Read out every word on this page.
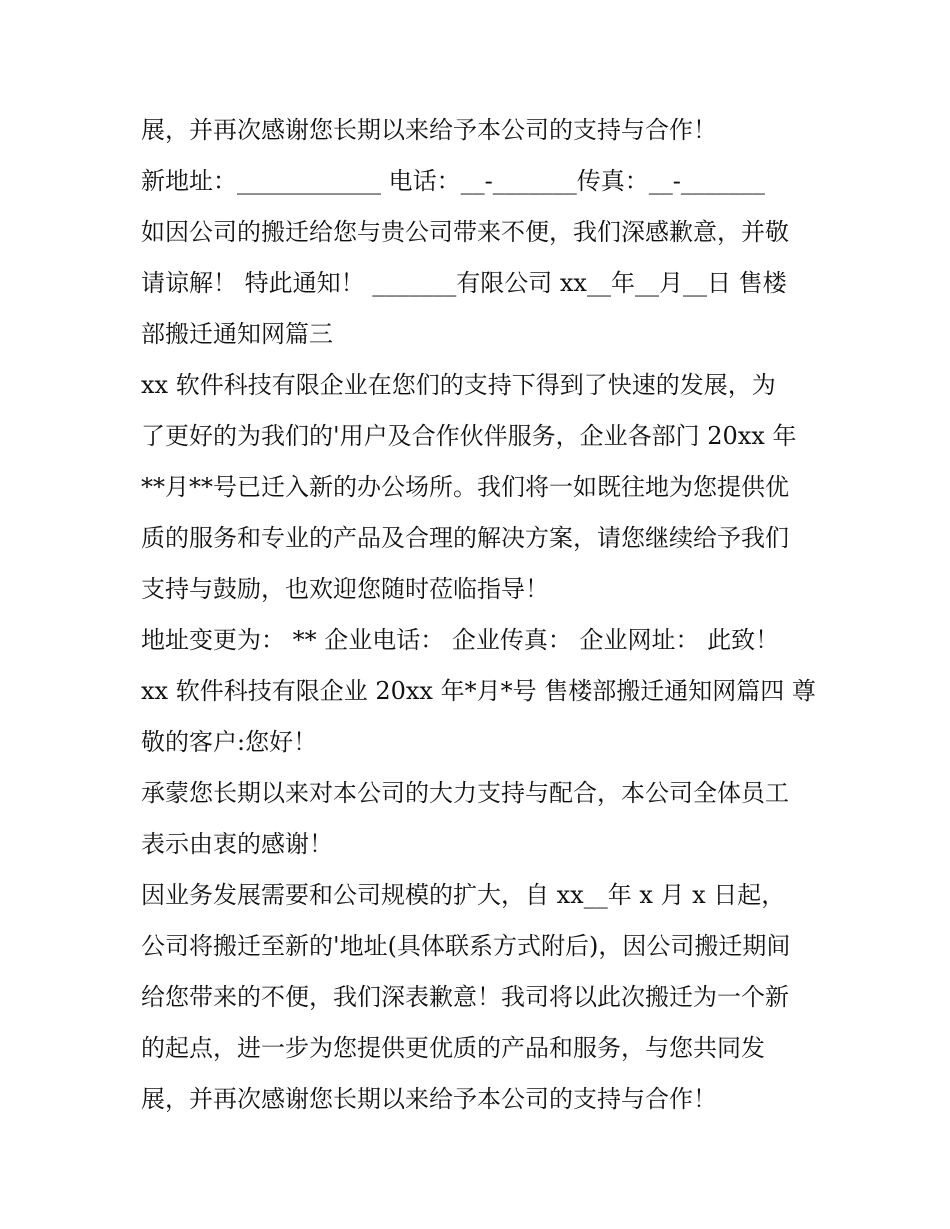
展，并再次感谢您长期以来给予本公司的支持与合作！
新地址：____________ 电话：__-_______传真：__-_______
如因公司的搬迁给您与贵公司带来不便，我们深感歉意，并敬
请谅解！ 特此通知！ _______有限公司 xx__年__月__日 售楼
部搬迁通知网篇三
xx 软件科技有限企业在您们的支持下得到了快速的发展，为
了更好的为我们的'用户及合作伙伴服务，企业各部门 20xx 年
**月**号已迁入新的办公场所。我们将一如既往地为您提供优
质的服务和专业的产品及合理的解决方案，请您继续给予我们
支持与鼓励，也欢迎您随时莅临指导！
地址变更为： ** 企业电话： 企业传真： 企业网址： 此致！
xx 软件科技有限企业 20xx 年*月*号 售楼部搬迁通知网篇四 尊
敬的客户:您好！
承蒙您长期以来对本公司的大力支持与配合，本公司全体员工
表示由衷的感谢！
因业务发展需要和公司规模的扩大，自 xx__年 x 月 x 日起，
公司将搬迁至新的'地址(具体联系方式附后)，因公司搬迁期间
给您带来的不便，我们深表歉意！我司将以此次搬迁为一个新
的起点，进一步为您提供更优质的产品和服务，与您共同发
展，并再次感谢您长期以来给予本公司的支持与合作！
